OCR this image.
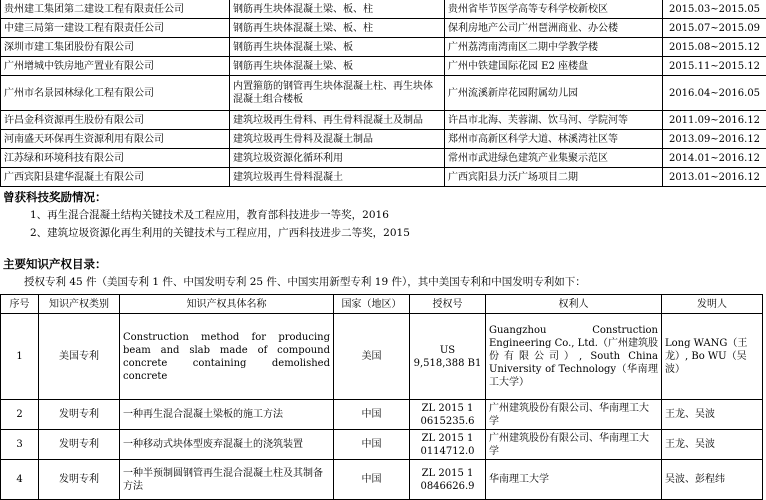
贵州建工集团第二建设工程有限责任公司	钢筋再生块体混凝土梁、板、柱	贵州省毕节医学高等专科学校新校区	2015.03~2015.05
中建三局第一建设工程有限责任公司	钢筋再生块体混凝土梁、板、柱	保利房地产公司广州琶洲商业、办公楼	2015.07~2015.09
深圳市建工集团股份有限公司	钢筋再生块体混凝土梁、板	广州荔湾南湾南区二期中学教学楼	2015.08~2015.12
广州增城中铁房地产置业有限公司	钢筋再生块体混凝土梁、板	广州中铁建国际花园 E2 座楼盘	2015.11~2015.12
广州市名景园林绿化工程有限公司	内置箍筋的钢管再生块体混凝土柱、再生块体混凝土组合楼板	广州流溪新岸花园附属幼儿园	2016.04~2016.05
许昌金科资源再生股份有限公司	建筑垃圾再生骨料、再生骨料混凝土及制品	许昌市北海、芙蓉湖、饮马河、学院河等	2011.09~2016.12
河南盛天环保再生资源利用有限公司	建筑垃圾再生骨料及混凝土制品	郑州市高新区科学大道、林溪湾社区等	2013.09~2016.12
江苏绿和环境科技有限公司	建筑垃圾资源化循环利用	常州市武进绿色建筑产业集聚示范区	2014.01~2016.12
广西宾阳县建华混凝土有限公司	建筑垃圾再生骨料混凝土	广西宾阳县力沃广场项目二期	2013.01~2016.12
曾获科技奖励情况：
1、再生混合混凝土结构关键技术及工程应用，教育部科技进步一等奖，2016
2、建筑垃圾资源化再生利用的关键技术与工程应用，广西科技进步二等奖，2015
主要知识产权目录：
授权专利 45 件（美国专利 1 件、中国发明专利 25 件、中国实用新型专利 19 件），其中美国专利和中国发明专利如下：
序号	知识产权类别	知识产权具体名称	国家（地区）	授权号	权利人	发明人
1	美国专利	Construction method for producing beam and slab made of compound concrete containing demolished concrete	美国	US 9,518,388 B1	Guangzhou Construction Engineering Co., Ltd.（广州建筑股份有限公司）, South China University of Technology（华南理工大学）	Long WANG（王龙）, Bo WU（吴波）
2	发明专利	一种再生混合混凝土梁板的施工方法	中国	ZL 2015 1 0615235.6	广州建筑股份有限公司、华南理工大学	王龙、吴波
3	发明专利	一种移动式块体型废弃混凝土的浇筑装置	中国	ZL 2015 1 0114712.0	广州建筑股份有限公司、华南理工大学	王龙、吴波
4	发明专利	一种半预制圆钢管再生混合混凝土柱及其制备方法	中国	ZL 2015 1 0846626.9	华南理工大学	吴波、彭程纬
